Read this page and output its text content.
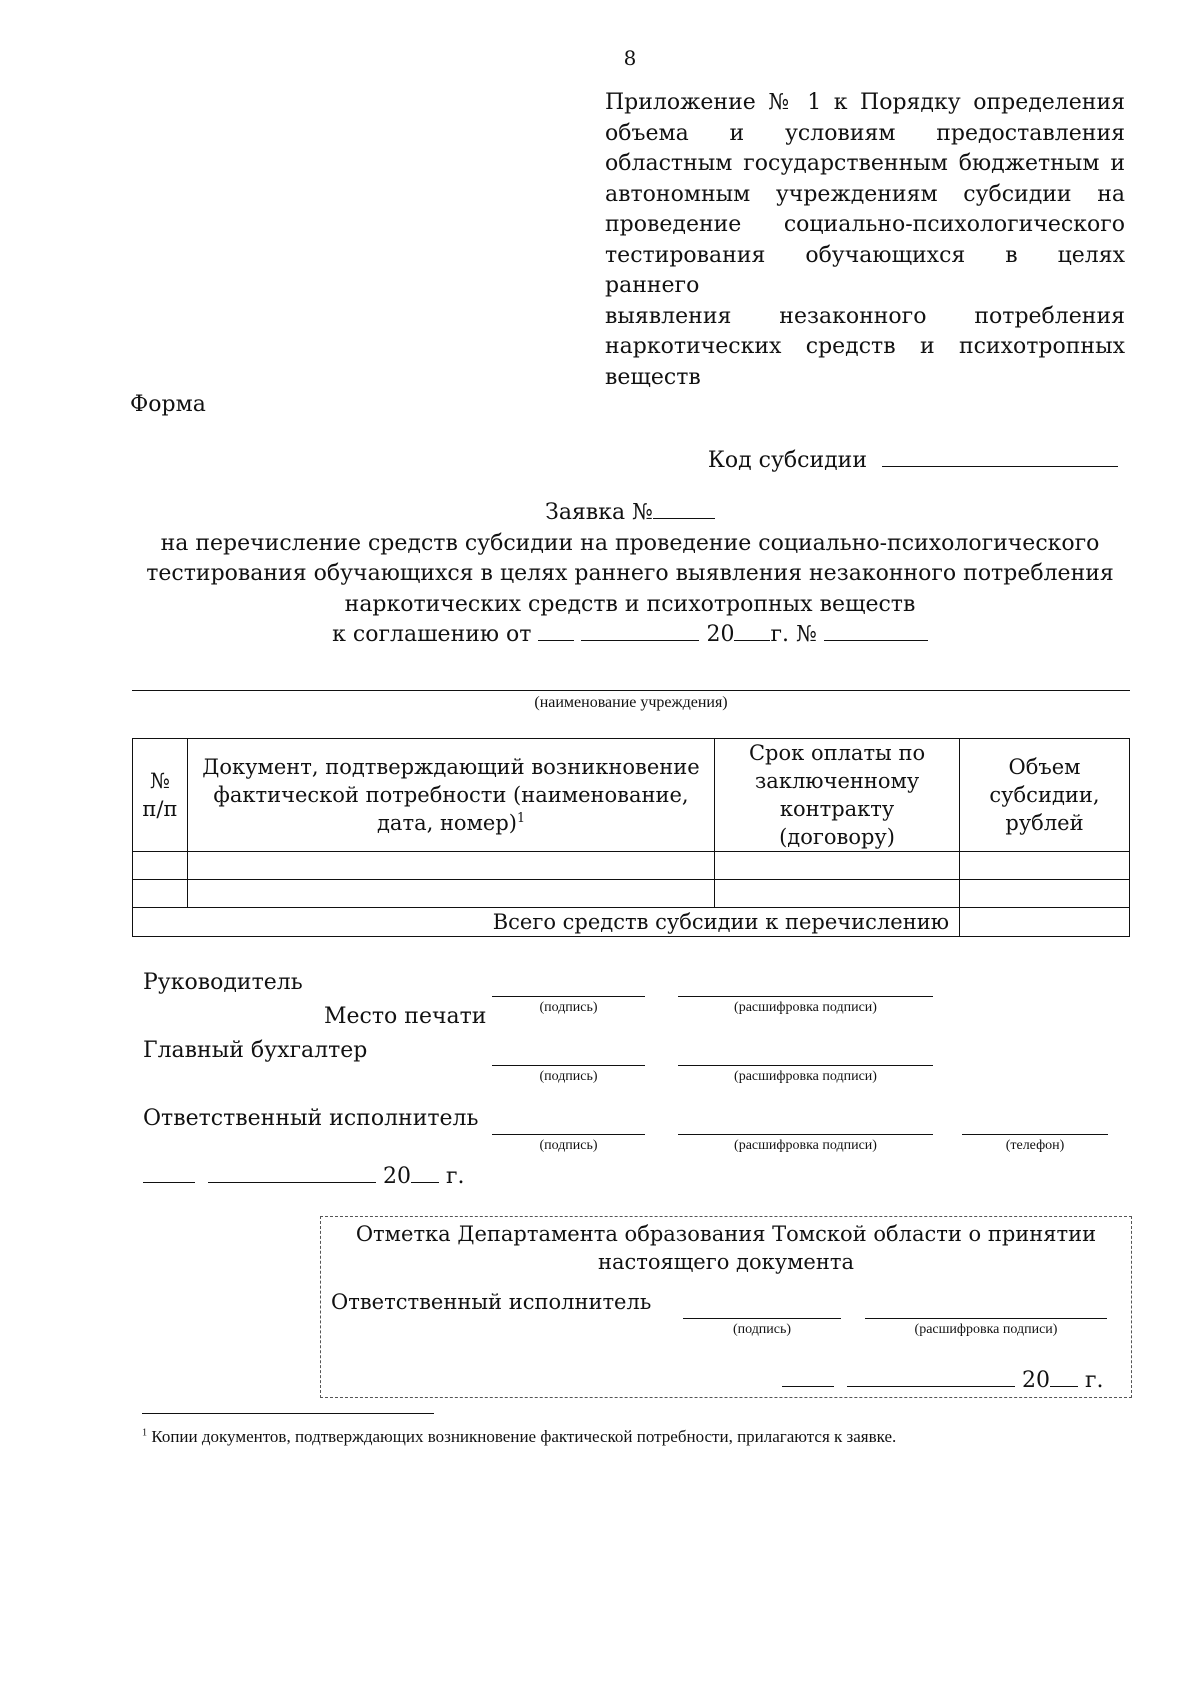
8
Приложение № 1 к Порядку определения
объема и условиям предоставления
областным государственным бюджетным и
автономным учреждениям субсидии на
проведение социально-психологического
тестирования обучающихся в целях раннего
выявления незаконного потребления
наркотических средств и психотропных
веществ
Форма
Код субсидии
Заявка №
на перечисление средств субсидии на проведение социально-психологического
тестирования обучающихся в целях раннего выявления незаконного потребления
наркотических средств и психотропных веществ
к соглашению от	20 г. №
(наименование учреждения)
№ п/п	Документ, подтверждающий возникновение фактической потребности (наименование, дата, номер)$^1$	Срок оплаты по заключенному контракту (договору)	Объем субсидии, рублей

Всего средств субсидии к перечислению			
Руководитель
Место печати	(подпись)	(расшифровка подписи)
Главный бухгалтер
(подпись)	(расшифровка подписи)
Ответственный исполнитель
(подпись)	(расшифровка подписи)	(телефон)
20 г.
Отметка Департамента образования Томской области о принятии
настоящего документа
Ответственный исполнитель
(подпись)	(расшифровка подписи)
20 г.
$^1$ Копии документов, подтверждающих возникновение фактической потребности, прилагаются к заявке.
